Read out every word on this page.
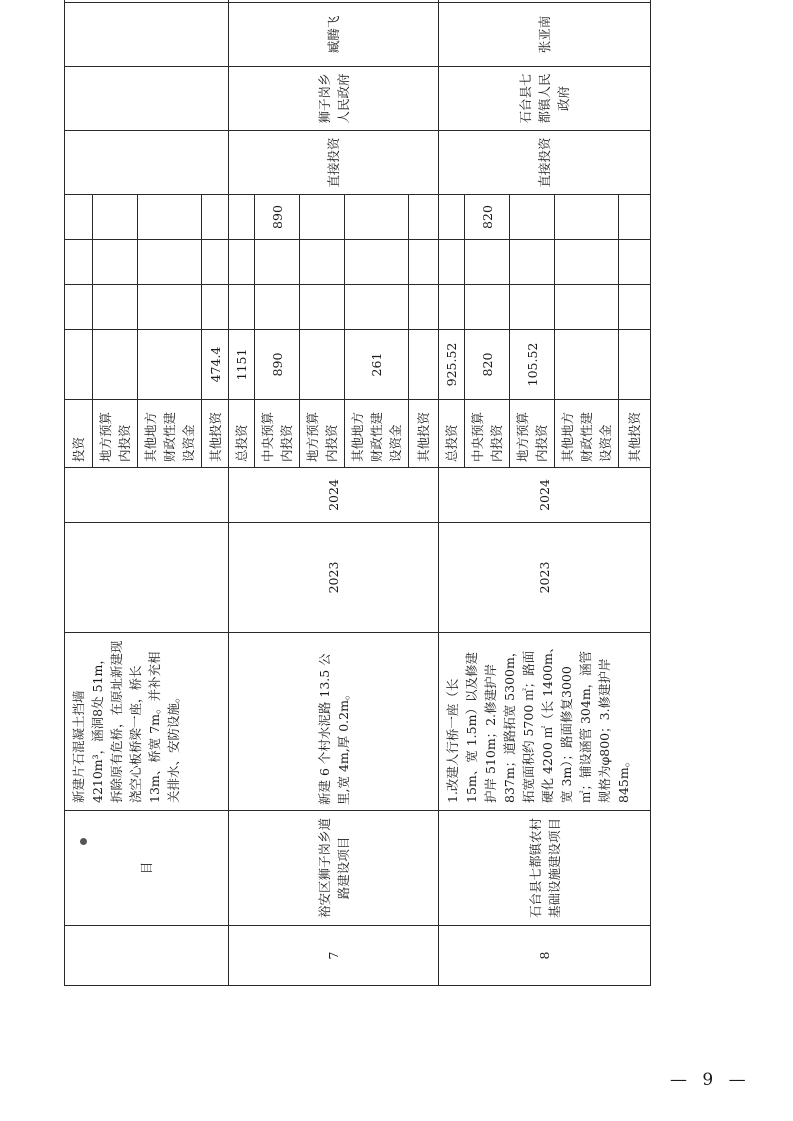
	目	新建片石混凝土挡墙 4210m³，涵洞8处 51m，拆除原有危桥，在原址新建现浇空心板桥梁一座，桥长 13m、桥宽 7m。并补充相关排水、安防设施。			投资								
					地方预算内投资								
					其他地方财政性建设资金								
					其他投资	474.4							
7	裕安区狮子岗乡道路建设项目	新建 6 个村水泥路 13.5 公里,宽 4m,厚 0.2m。	2023	2024	总投资	1151				直接投资	狮子岗乡人民政府	臧腾飞	
					中央预算内投资	890			890				
					地方预算内投资								
					其他地方财政性建设资金	261							
					其他投资								
8	石台县七都镇农村基础设施建设项目	1.改建人行桥一座（长 15m、宽 1.5m）以及修建护岸 510m；2.修建护岸 837m；道路拓宽 5300m，拓宽面积约 5700 ㎡；路面硬化 4200 ㎡（长 1400m、宽 3m）；路面修复3000 ㎡；铺设涵管 304m，涵管规格为φ800；3.修建护岸 845m。	2023	2024	总投资	925.52				直接投资	石台县七都镇人民政府	张亚南	
					中央预算内投资	820			820				
					地方预算内投资	105.52							
					其他地方财政性建设资金								
					其他投资								
— 9 —
